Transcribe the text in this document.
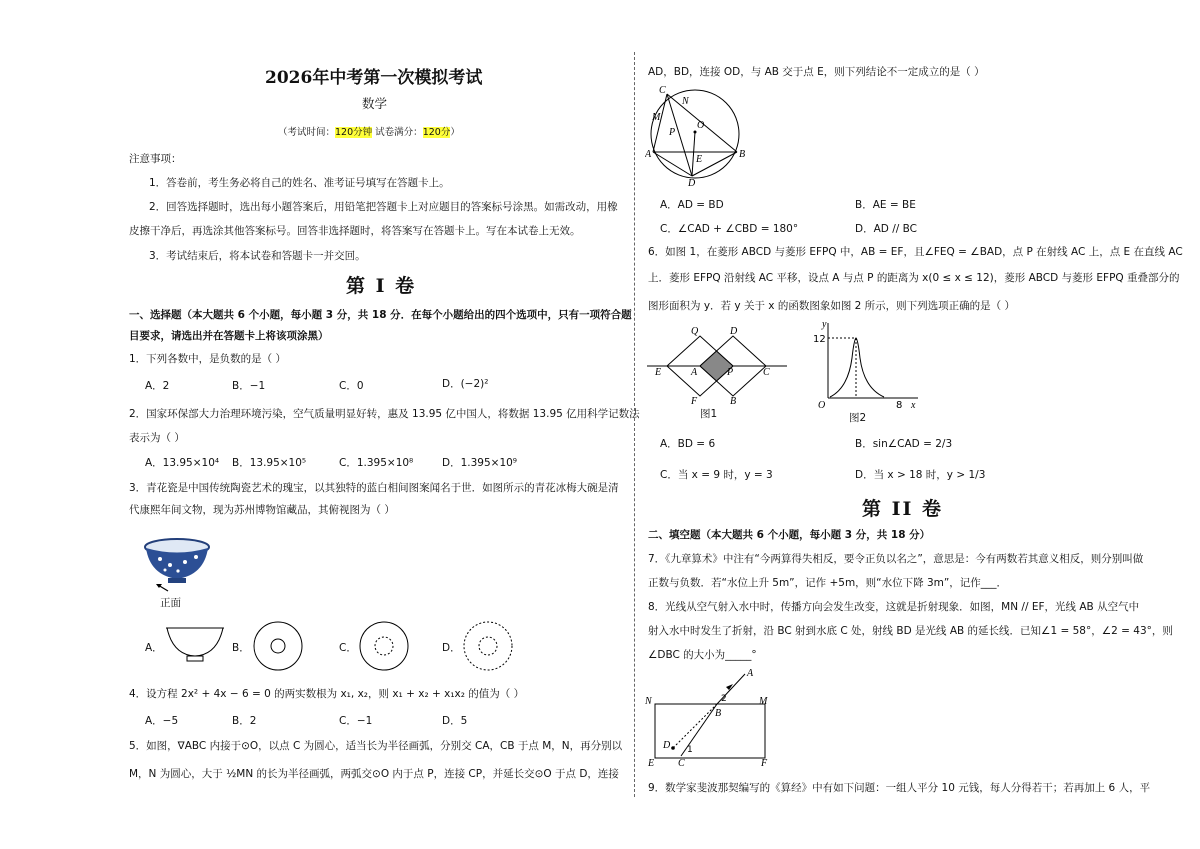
2026年中考第一次模拟考试
数学
（考试时间：120分钟 试卷满分：120分）
注意事项：
1．答卷前，考生务必将自己的姓名、准考证号填写在答题卡上。
2．回答选择题时，选出每小题答案后，用铅笔把答题卡上对应题目的答案标号涂黑。如需改动，用橡
皮擦干净后，再选涂其他答案标号。回答非选择题时，将答案写在答题卡上。写在本试卷上无效。
3．考试结束后，将本试卷和答题卡一并交回。
第 I 卷
一、选择题（本大题共 6 个小题，每小题 3 分，共 18 分．在每个小题给出的四个选项中，只有一项符合题
目要求，请选出并在答题卡上将该项涂黑）
1．下列各数中，是负数的是（ ）
A．2	B．−1	C．0	D．(−2)²
2．国家环保部大力治理环境污染，空气质量明显好转，惠及 13.95 亿中国人，将数据 13.95 亿用科学记数法
表示为（ ）
A．13.95×10⁴ B．13.95×10⁵	C．1.395×10⁸	D．1.395×10⁹
3．青花瓷是中国传统陶瓷艺术的瑰宝，以其独特的蓝白相间图案闻名于世．如图所示的青花冰梅大碗是清
代康熙年间文物，现为苏州博物馆藏品，其俯视图为（ ）
正面
A．	B．	C．	D．
4．设方程 2x² + 4x − 6 = 0 的两实数根为 x₁, x₂，则 x₁ + x₂ + x₁x₂ 的值为（ ）
A．−5	B．2	C．−1	D．5
5．如图，∇ABC 内接于⊙O，以点 C 为圆心，适当长为半径画弧，分别交 CA，CB 于点 M，N，再分别以
M，N 为圆心，大于 ½MN 的长为半径画弧，两弧交⊙O 内于点 P，连接 CP，并延长交⊙O 于点 D，连接
AD，BD，连接 OD，与 AB 交于点 E，则下列结论不一定成立的是（ ）
C
N
M
P
O
A	E	B
D
A．AD = BD	B．AE = BE
C．∠CAD + ∠CBD = 180°	D．AD // BC
6．如图 1，在菱形 ABCD 与菱形 EFPQ 中，AB = EF，且∠FEQ = ∠BAD，点 P 在射线 AC 上，点 E 在直线 AC
上．菱形 EFPQ 沿射线 AC 平移，设点 A 与点 P 的距离为 x(0 ≤ x ≤ 12)，菱形 ABCD 与菱形 EFPQ 重叠部分的
图形面积为 y．若 y 关于 x 的函数图象如图 2 所示，则下列选项正确的是（ ）
Q	D
E	A	P	C
F	B
图1
y
12
O	8 x
图2
A．BD = 6	B．sin∠CAD = 2/3
C．当 x = 9 时，y = 3	D．当 x > 18 时，y > 1/3
第 II 卷
二、填空题（本大题共 6 个小题，每小题 3 分，共 18 分）
7．《九章算术》中注有“今两算得失相反，要令正负以名之”，意思是：今有两数若其意义相反，则分别叫做
正数与负数．若“水位上升 5m”，记作 +5m，则“水位下降 3m”，记作___．
8．光线从空气射入水中时，传播方向会发生改变，这就是折射现象．如图，MN // EF，光线 AB 从空气中
射入水中时发生了折射，沿 BC 射到水底 C 处，射线 BD 是光线 AB 的延长线．已知∠1 = 58°，∠2 = 43°，则
∠DBC 的大小为_____°
A
N	M
2
B
D 1
E C	F
9．数学家斐波那契编写的《算经》中有如下问题：一组人平分 10 元钱，每人分得若干；若再加上 6 人，平
